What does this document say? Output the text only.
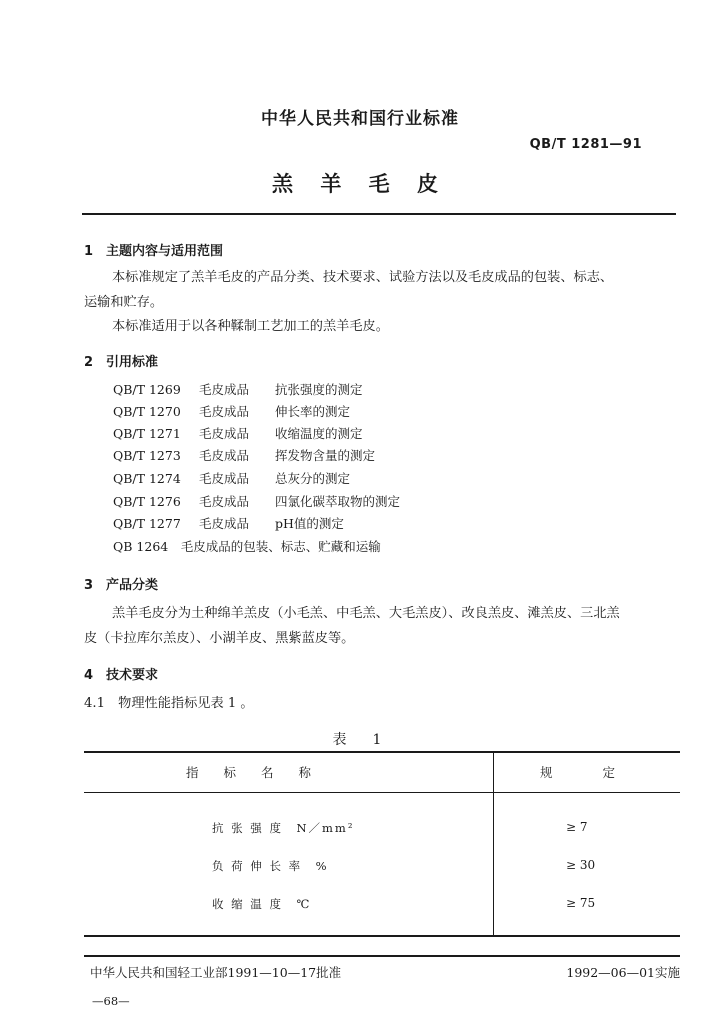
中华人民共和国行业标准
QB/T 1281—91
羔 羊 毛 皮
1　主题内容与适用范围
本标准规定了羔羊毛皮的产品分类、技术要求、试验方法以及毛皮成品的包装、标志、
运输和贮存。
本标准适用于以各种鞣制工艺加工的羔羊毛皮。
2　引用标准
QB/T 1269 毛皮成品 抗张强度的测定
QB/T 1270 毛皮成品 伸长率的测定
QB/T 1271 毛皮成品 收缩温度的测定
QB/T 1273 毛皮成品 挥发物含量的测定
QB/T 1274 毛皮成品 总灰分的测定
QB/T 1276 毛皮成品 四氯化碳萃取物的测定
QB/T 1277 毛皮成品 pH值的测定
QB 1264　毛皮成品的包装、标志、贮藏和运输
3　产品分类
羔羊毛皮分为土种绵羊羔皮（小毛羔、中毛羔、大毛羔皮）、改良羔皮、滩羔皮、三北羔
皮（卡拉库尔羔皮）、小湖羊皮、黑紫蓝皮等。
4　技术要求
4.1　物理性能指标见表 1 。
表　1
指　　标　　名　　称	规　　　　定
抗 张 强 度　N／mm²	≥ 7
负 荷 伸 长 率　%	≥ 30
收 缩 温 度　℃	≥ 75
中华人民共和国轻工业部1991—10—17批准	1992—06—01实施
—68—
